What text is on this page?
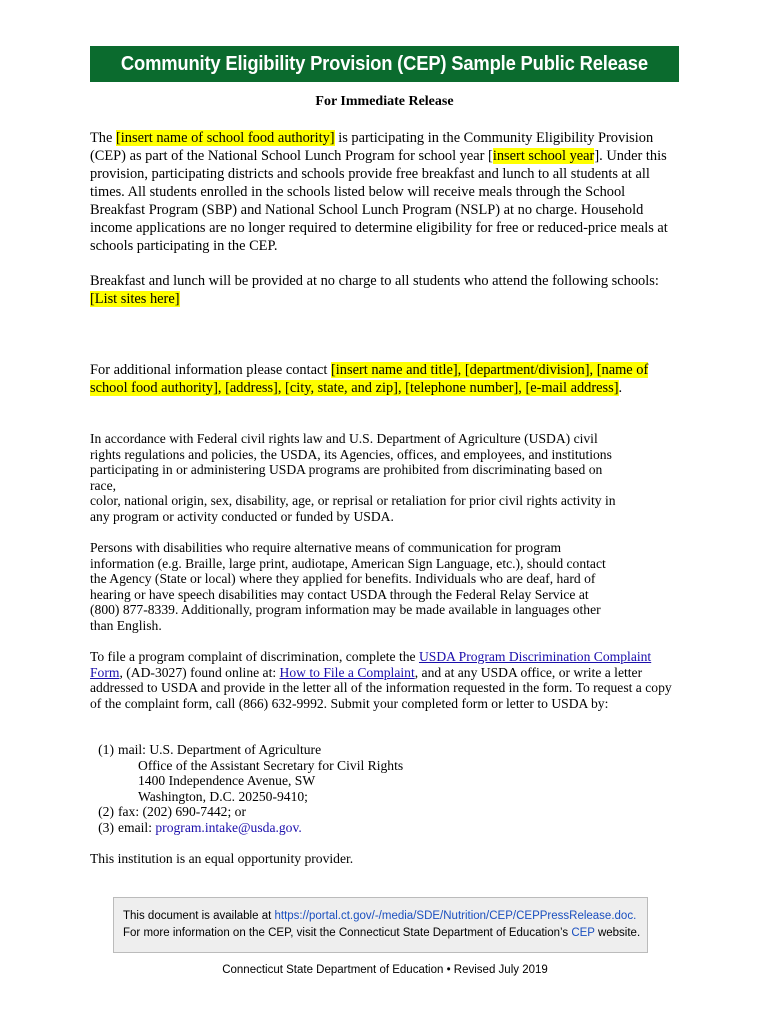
Community Eligibility Provision (CEP) Sample Public Release
For Immediate Release
The [insert name of school food authority] is participating in the Community Eligibility Provision (CEP) as part of the National School Lunch Program for school year [insert school year]. Under this provision, participating districts and schools provide free breakfast and lunch to all students at all times. All students enrolled in the schools listed below will receive meals through the School Breakfast Program (SBP) and National School Lunch Program (NSLP) at no charge. Household income applications are no longer required to determine eligibility for free or reduced-price meals at schools participating in the CEP.
Breakfast and lunch will be provided at no charge to all students who attend the following schools:
[List sites here]
For additional information please contact [insert name and title], [department/division], [name of school food authority], [address], [city, state, and zip], [telephone number], [e-mail address].
In accordance with Federal civil rights law and U.S. Department of Agriculture (USDA) civil
rights regulations and policies, the USDA, its Agencies, offices, and employees, and institutions
participating in or administering USDA programs are prohibited from discriminating based on
race,
color, national origin, sex, disability, age, or reprisal or retaliation for prior civil rights activity in
any program or activity conducted or funded by USDA.
Persons with disabilities who require alternative means of communication for program
information (e.g. Braille, large print, audiotape, American Sign Language, etc.), should contact
the Agency (State or local) where they applied for benefits. Individuals who are deaf, hard of
hearing or have speech disabilities may contact USDA through the Federal Relay Service at
(800) 877-8339. Additionally, program information may be made available in languages other
than English.
To file a program complaint of discrimination, complete the USDA Program Discrimination Complaint Form, (AD-3027) found online at: How to File a Complaint, and at any USDA office, or write a letter addressed to USDA and provide in the letter all of the information requested in the form. To request a copy of the complaint form, call (866) 632-9992. Submit your completed form or letter to USDA by:
(1) mail: U.S. Department of Agriculture
Office of the Assistant Secretary for Civil Rights
1400 Independence Avenue, SW
Washington, D.C. 20250-9410;
(2) fax: (202) 690-7442; or
(3) email: program.intake@usda.gov.
This institution is an equal opportunity provider.
This document is available at https://portal.ct.gov/-/media/SDE/Nutrition/CEP/CEPPressRelease.doc.
For more information on the CEP, visit the Connecticut State Department of Education’s CEP website.
Connecticut State Department of Education • Revised July 2019
